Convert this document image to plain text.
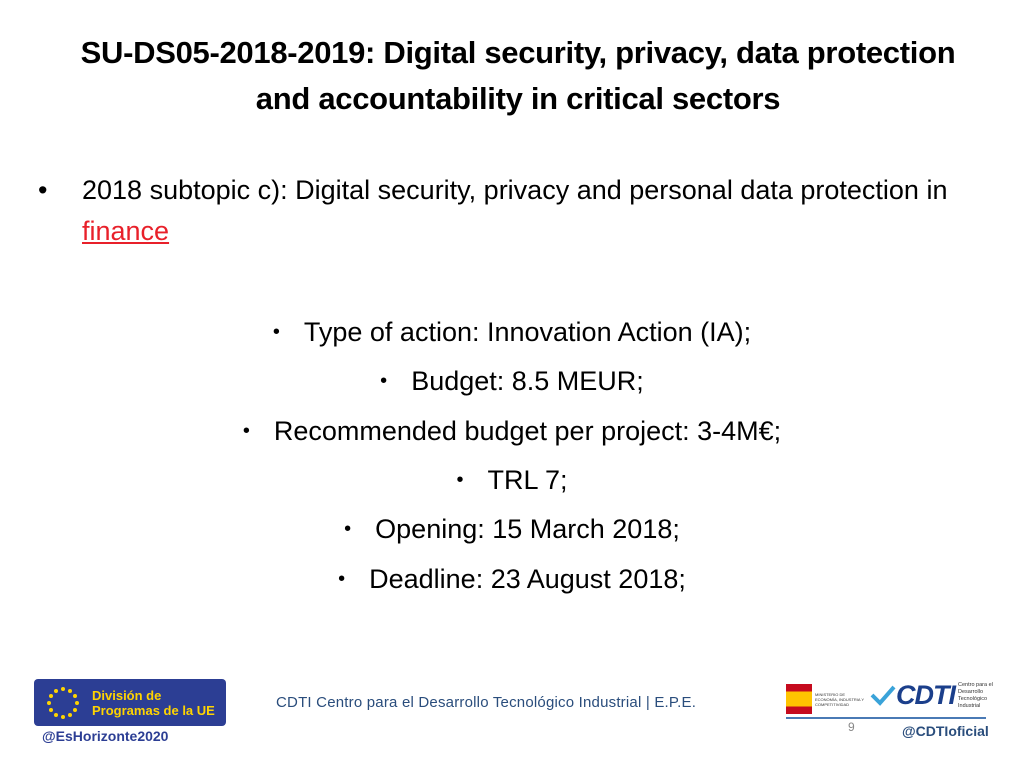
SU-DS05-2018-2019: Digital security, privacy, data protection and accountability in critical sectors
•	2018 subtopic c): Digital security, privacy and personal data protection in finance
• Type of action: Innovation Action (IA);
• Budget: 8.5 MEUR;
• Recommended budget per project: 3-4M€;
• TRL 7;
• Opening: 15 March 2018;
• Deadline: 23 August 2018;
División de
Programas de la UE
@EsHorizonte2020
CDTI Centro para el Desarrollo Tecnológico Industrial | E.P.E.	MINISTERIO DE ECONOMÍA, INDUSTRIA Y COMPETITIVIDAD	CDTI Centro para el Desarrollo Tecnológico Industrial
9	@CDTIoficial
